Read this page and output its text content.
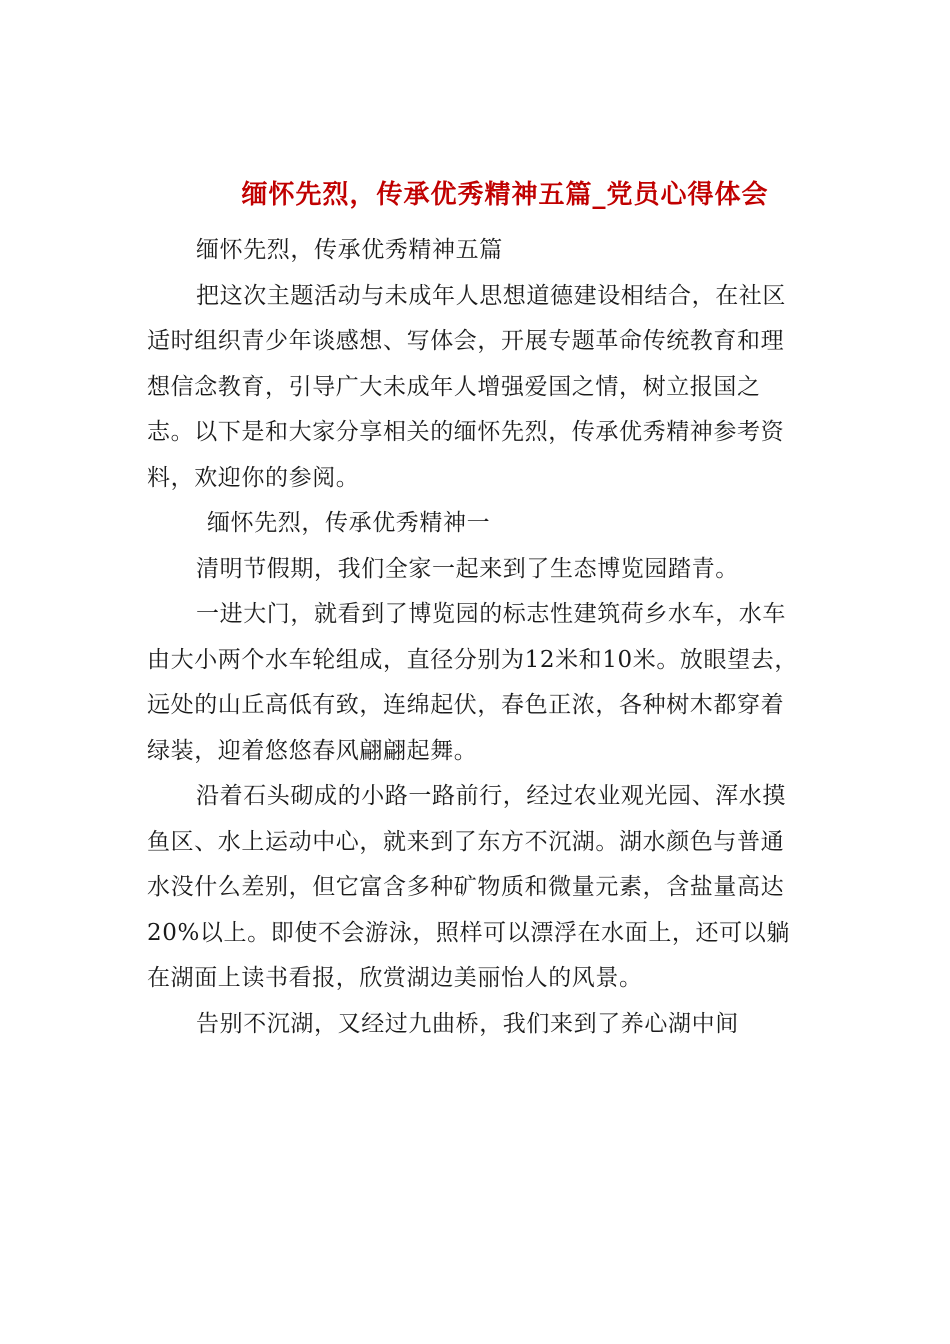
缅怀先烈，传承优秀精神五篇_党员心得体会

缅怀先烈，传承优秀精神五篇

把这次主题活动与未成年人思想道德建设相结合，在社区适时组织青少年谈感想、写体会，开展专题革命传统教育和理想信念教育，引导广大未成年人增强爱国之情，树立报国之志。以下是和大家分享相关的缅怀先烈，传承优秀精神参考资料，欢迎你的参阅。

缅怀先烈，传承优秀精神一

清明节假期，我们全家一起来到了生态博览园踏青。

一进大门，就看到了博览园的标志性建筑荷乡水车，水车由大小两个水车轮组成，直径分别为12米和10米。放眼望去，远处的山丘高低有致，连绵起伏，春色正浓，各种树木都穿着绿装，迎着悠悠春风翩翩起舞。

沿着石头砌成的小路一路前行，经过农业观光园、浑水摸鱼区、水上运动中心，就来到了东方不沉湖。湖水颜色与普通水没什么差别，但它富含多种矿物质和微量元素，含盐量高达20%以上。即使不会游泳，照样可以漂浮在水面上，还可以躺在湖面上读书看报，欣赏湖边美丽怡人的风景。

告别不沉湖，又经过九曲桥，我们来到了养心湖中间
